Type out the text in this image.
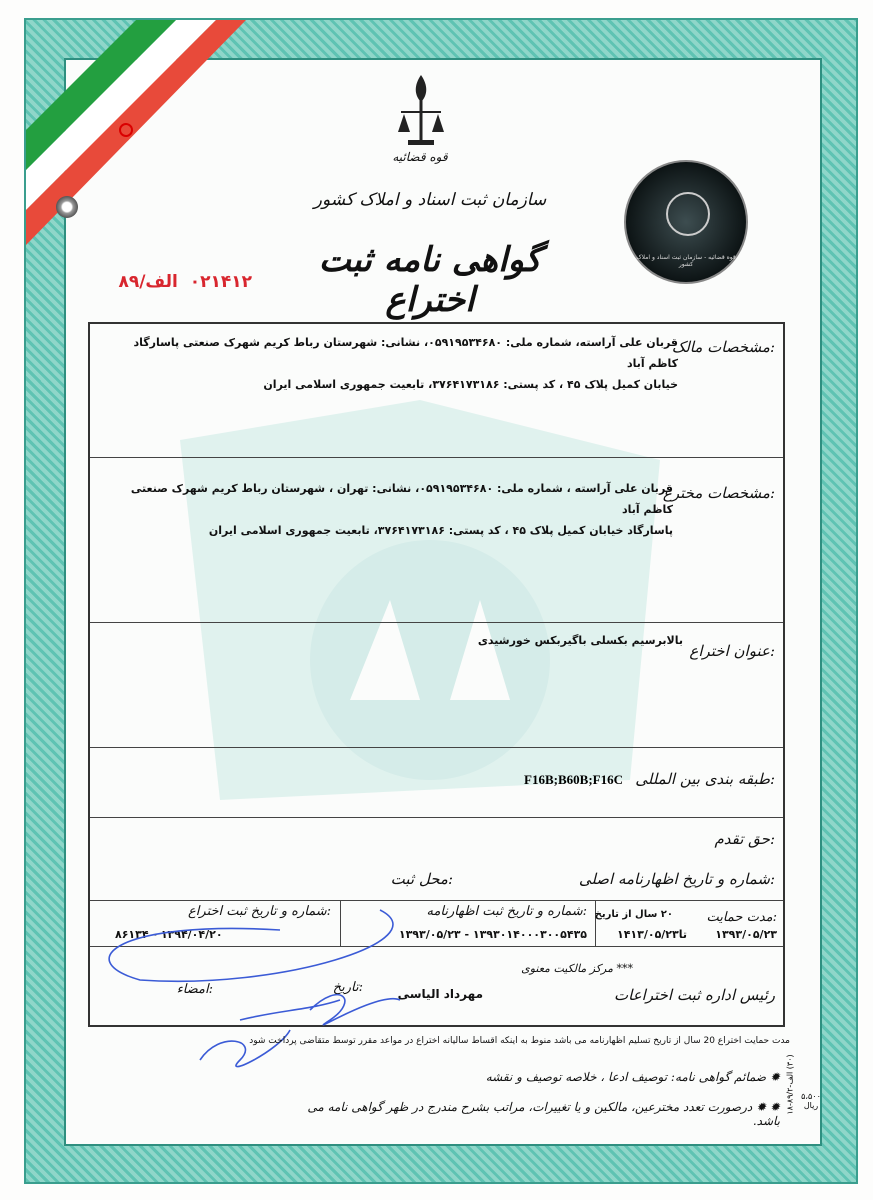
قوه قضائیه
سازمان ثبت اسناد و املاک کشور
گواهی نامه ثبت اختراع
۰۲۱۴۱۲  الف/۸۹
قوه قضائیه - سازمان ثبت اسناد و املاک کشور
مشخصات مالک:
قربان علی آراسته، شماره ملی: ۰۵۹۱۹۵۳۴۶۸۰، نشانی: شهرستان رباط کریم شهرک صنعتی پاسارگاد کاظم آباد
خیابان کمیل پلاک ۴۵ ، کد پستی: ۳۷۶۴۱۷۳۱۸۶، تابعیت جمهوری اسلامی ایران
مشخصات مخترع:
قربان علی آراسته ، شماره ملی: ۰۵۹۱۹۵۳۴۶۸۰، نشانی: تهران ، شهرستان رباط کریم شهرک صنعتی کاظم آباد
پاسارگاد خیابان کمیل پلاک ۴۵ ، کد پستی: ۳۷۶۴۱۷۳۱۸۶، تابعیت جمهوری اسلامی ایران
عنوان اختراع:
بالابرسیم بکسلی باگیربکس خورشیدی
طبقه بندی بین المللی:
F16B;B60B;F16C
حق تقدم:
شماره و تاریخ اظهارنامه اصلی:
محل ثبت:
مدت حمایت:
۱۳۹۳/۰۵/۲۳
تا۱۴۱۳/۰۵/۲۳
۲۰ سال از تاریخ
شماره و تاریخ ثبت اظهارنامه:
۱۳۹۳۰۱۴۰۰۰۳۰۰۵۴۳۵ - ۱۳۹۳/۰۵/۲۳
شماره و تاریخ ثبت اختراع:
۱۳۹۴/۰۴/۲۰ - ۸۶۱۳۴
*** مرکز مالکیت معنوی
رئیس اداره ثبت اختراعات
مهرداد الیاسی
تاریخ:
امضاء:
مدت حمایت اختراع 20 سال از تاریخ تسلیم اظهارنامه می باشد منوط به اینکه اقساط سالیانه اختراع در مواعد مقرر توسط متقاضی پرداخت شود
✹ ضمائم گواهی نامه: توصیف ادعا ، خلاصه توصیف و نقشه
✹ ✹ درصورت تعدد مخترعین، مالکین و یا تغییرات، مراتب بشرح مندرج در ظهر گواهی نامه می باشد.
(۳۰) الف-۸۹/۲-۱۸
۵،۵۰۰ ریال
